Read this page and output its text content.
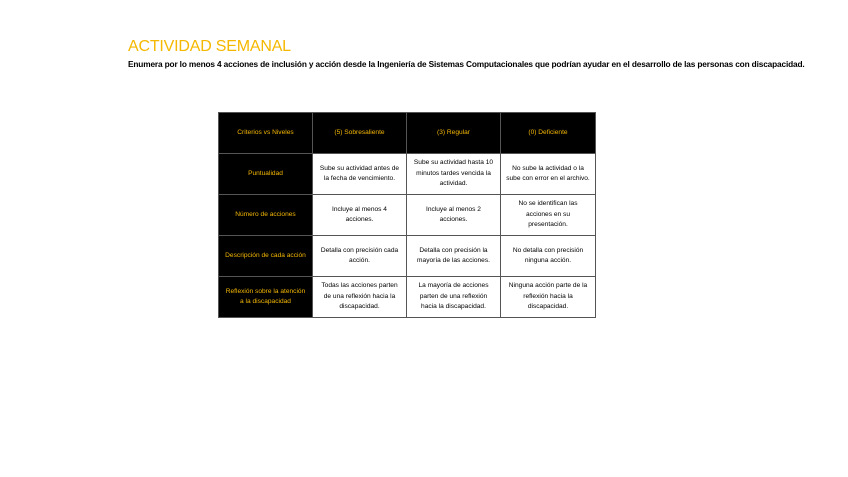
ACTIVIDAD SEMANAL
Enumera por lo menos 4 acciones de inclusión y acción desde la Ingeniería de Sistemas Computacionales que podrían ayudar en el desarrollo de las personas con discapacidad.
Criterios vs Niveles	(5) Sobresaliente	(3) Regular	(0) Deficiente
Puntualidad	Sube su actividad antes de la fecha de vencimiento.	Sube su actividad hasta 10 minutos tardes vencida la actividad.	No sube la actividad o la sube con error en el archivo.
Número de acciones	Incluye al menos 4 acciones.	Incluye al menos 2 acciones.	No se identifican las acciones en su presentación.
Descripción de cada acción	Detalla con precisión cada acción.	Detalla con precisión la mayoría de las acciones.	No detalla con precisión ninguna acción.
Reflexión sobre la atención a la discapacidad	Todas las acciones parten de una reflexión hacia la discapacidad.	La mayoría de acciones parten de una reflexión hacia la discapacidad.	Ninguna acción parte de la reflexión hacia la discapacidad.
